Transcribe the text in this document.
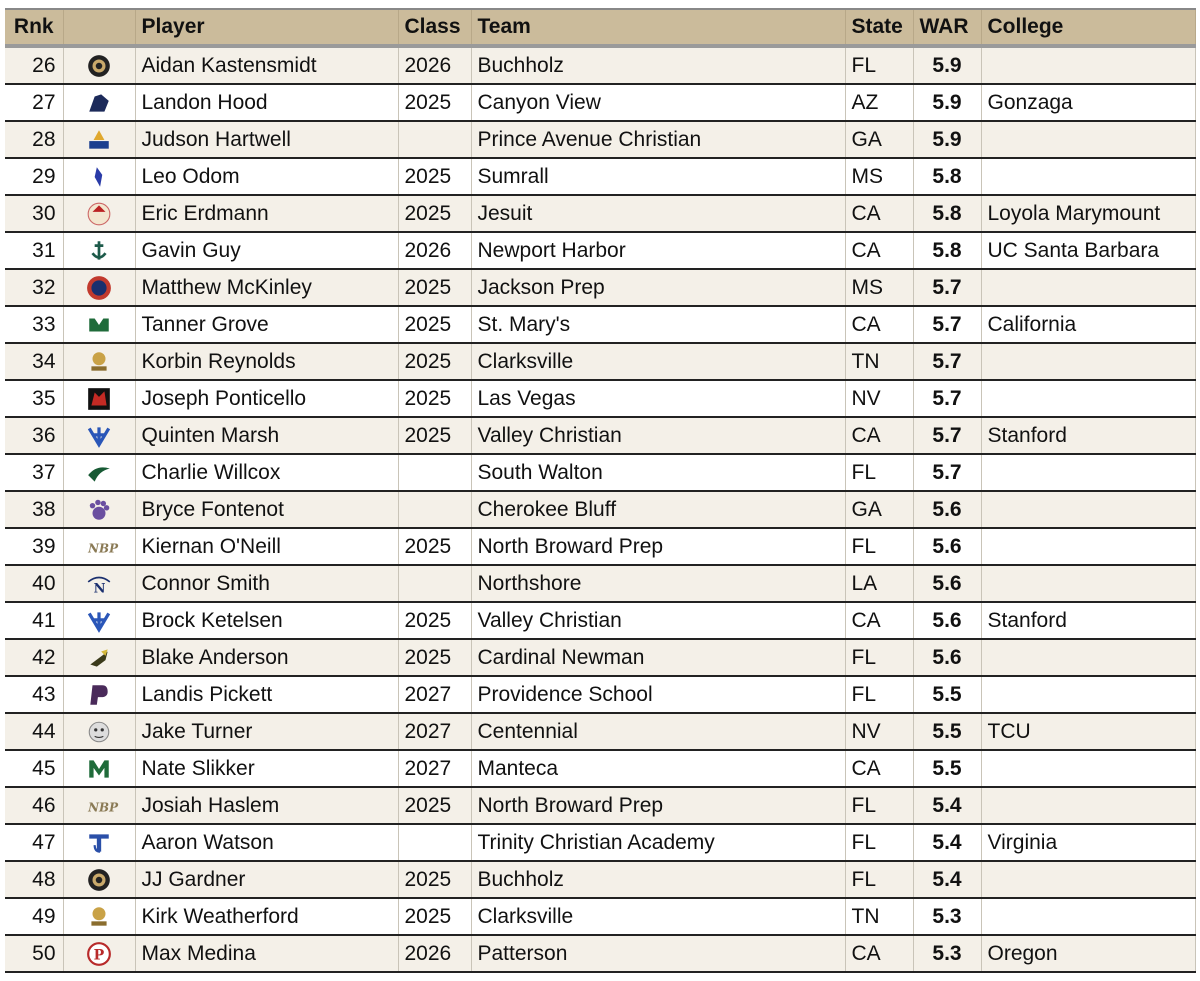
Rnk		Player	Class	Team	State	WAR	College
26		Aidan Kastensmidt	2026	Buchholz	FL	5.9	
27		Landon Hood	2025	Canyon View	AZ	5.9	Gonzaga
28		Judson Hartwell		Prince Avenue Christian	GA	5.9	
29		Leo Odom	2025	Sumrall	MS	5.8	
30		Eric Erdmann	2025	Jesuit	CA	5.8	Loyola Marymount
31		Gavin Guy	2026	Newport Harbor	CA	5.8	UC Santa Barbara
32		Matthew McKinley	2025	Jackson Prep	MS	5.7	
33		Tanner Grove	2025	St. Mary's	CA	5.7	California
34		Korbin Reynolds	2025	Clarksville	TN	5.7	
35		Joseph Ponticello	2025	Las Vegas	NV	5.7	
36		Quinten Marsh	2025	Valley Christian	CA	5.7	Stanford
37		Charlie Willcox		South Walton	FL	5.7	
38		Bryce Fontenot		Cherokee Bluff	GA	5.6	
39	NBP	Kiernan O'Neill	2025	North Broward Prep	FL	5.6	
40	N	Connor Smith		Northshore	LA	5.6	
41		Brock Ketelsen	2025	Valley Christian	CA	5.6	Stanford
42		Blake Anderson	2025	Cardinal Newman	FL	5.6	
43		Landis Pickett	2027	Providence School	FL	5.5	
44		Jake Turner	2027	Centennial	NV	5.5	TCU
45		Nate Slikker	2027	Manteca	CA	5.5	
46	NBP	Josiah Haslem	2025	North Broward Prep	FL	5.4	
47		Aaron Watson		Trinity Christian Academy	FL	5.4	Virginia
48		JJ Gardner	2025	Buchholz	FL	5.4	
49		Kirk Weatherford	2025	Clarksville	TN	5.3	
50	P	Max Medina	2026	Patterson	CA	5.3	Oregon
